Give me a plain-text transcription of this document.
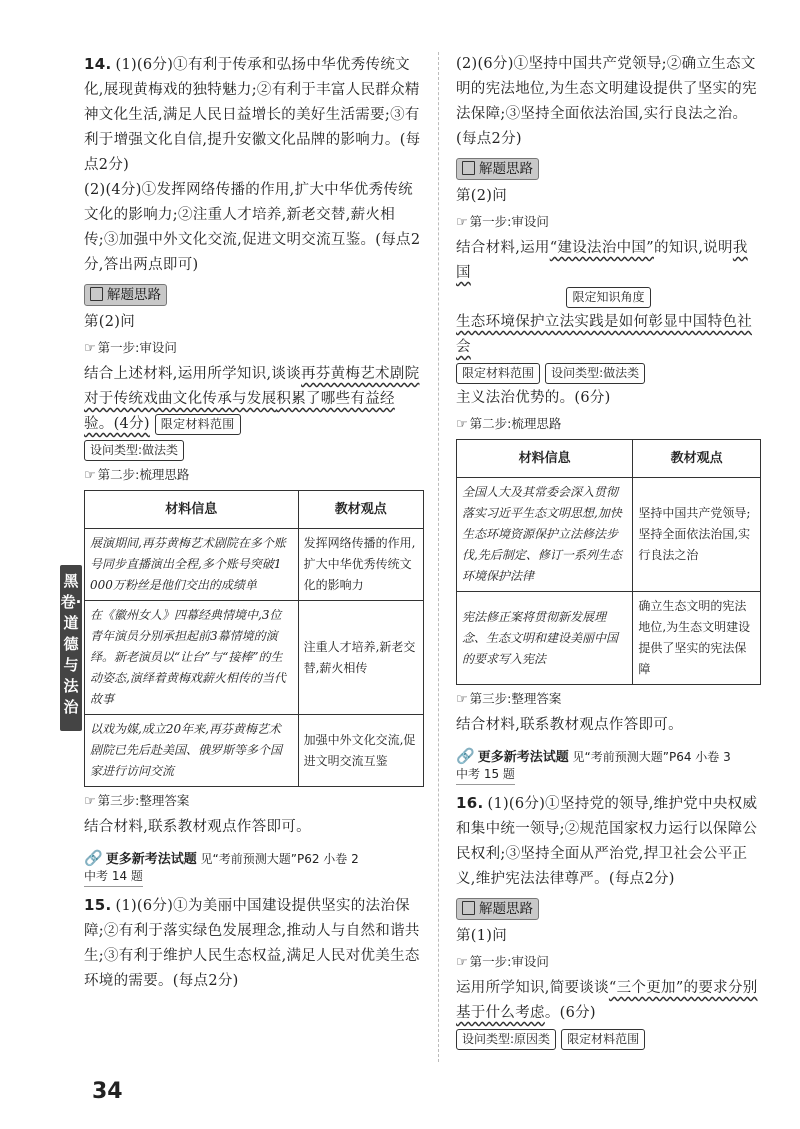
14. (1)(6分)①有利于传承和弘扬中华优秀传统文化,展现黄梅戏的独特魅力;②有利于丰富人民群众精神文化生活,满足人民日益增长的美好生活需要;③有利于增强文化自信,提升安徽文化品牌的影响力。(每点2分)

(2)(4分)①发挥网络传播的作用,扩大中华优秀传统文化的影响力;②注重人才培养,新老交替,薪火相传;③加强中外文化交流,促进文明交流互鉴。(每点2分,答出两点即可)

解题思路

第(2)问

☞ 第一步:审设问

结合上述材料,运用所学知识,谈谈再芬黄梅艺术剧院对于传统戏曲文化传承与发展积累了哪些有益经验。(4分) 限定材料范围

设问类型:做法类
☞ 第二步:梳理思路
材料信息	教材观点
展演期间,再芬黄梅艺术剧院在多个账号同步直播演出全程,多个账号突破1 000万粉丝是他们交出的成绩单	发挥网络传播的作用,扩大中华优秀传统文化的影响力
在《徽州女人》四幕经典情境中,3位青年演员分别承担起前3幕情境的演绎。新老演员以“让台”与“接棒”的生动姿态,演绎着黄梅戏薪火相传的当代故事	注重人才培养,新老交替,薪火相传
以戏为媒,成立20年来,再芬黄梅艺术剧院已先后赴美国、俄罗斯等多个国家进行访问交流	加强中外文化交流,促进文明交流互鉴
☞ 第三步:整理答案

结合材料,联系教材观点作答即可。

🔗 更多新考法试题 见“考前预测大题”P62 小卷 2
中考 14 题

15. (1)(6分)①为美丽中国建设提供坚实的法治保障;②有利于落实绿色发展理念,推动人与自然和谐共生;③有利于维护人民生态权益,满足人民对优美生态环境的需要。(每点2分)

(2)(6分)①坚持中国共产党领导;②确立生态文明的宪法地位,为生态文明建设提供了坚实的宪法保障;③坚持全面依法治国,实行良法之治。(每点2分)

解题思路

第(2)问

☞ 第一步:审设问

结合材料,运用“建设法治中国”的知识,说明我国

限定知识角度

生态环境保护立法实践是如何彰显中国特色社会

限定材料范围 设问类型:做法类

主义法治优势的。(6分)

☞ 第二步:梳理思路
材料信息	教材观点
全国人大及其常委会深入贯彻落实习近平生态文明思想,加快生态环境资源保护立法修法步伐,先后制定、修订一系列生态环境保护法律	坚持中国共产党领导;坚持全面依法治国,实行良法之治
宪法修正案将贯彻新发展理念、生态文明和建设美丽中国的要求写入宪法	确立生态文明的宪法地位,为生态文明建设提供了坚实的宪法保障
☞ 第三步:整理答案

结合材料,联系教材观点作答即可。

🔗 更多新考法试题 见“考前预测大题”P64 小卷 3
中考 15 题

16. (1)(6分)①坚持党的领导,维护党中央权威和集中统一领导;②规范国家权力运行以保障公民权利;③坚持全面从严治党,捍卫社会公平正义,维护宪法法律尊严。(每点2分)

解题思路

第(1)问

☞ 第一步:审设问

运用所学知识,简要谈谈“三个更加”的要求分别基于什么考虑。(6分)

设问类型:原因类 限定材料范围
黑卷·道德与法治
34
